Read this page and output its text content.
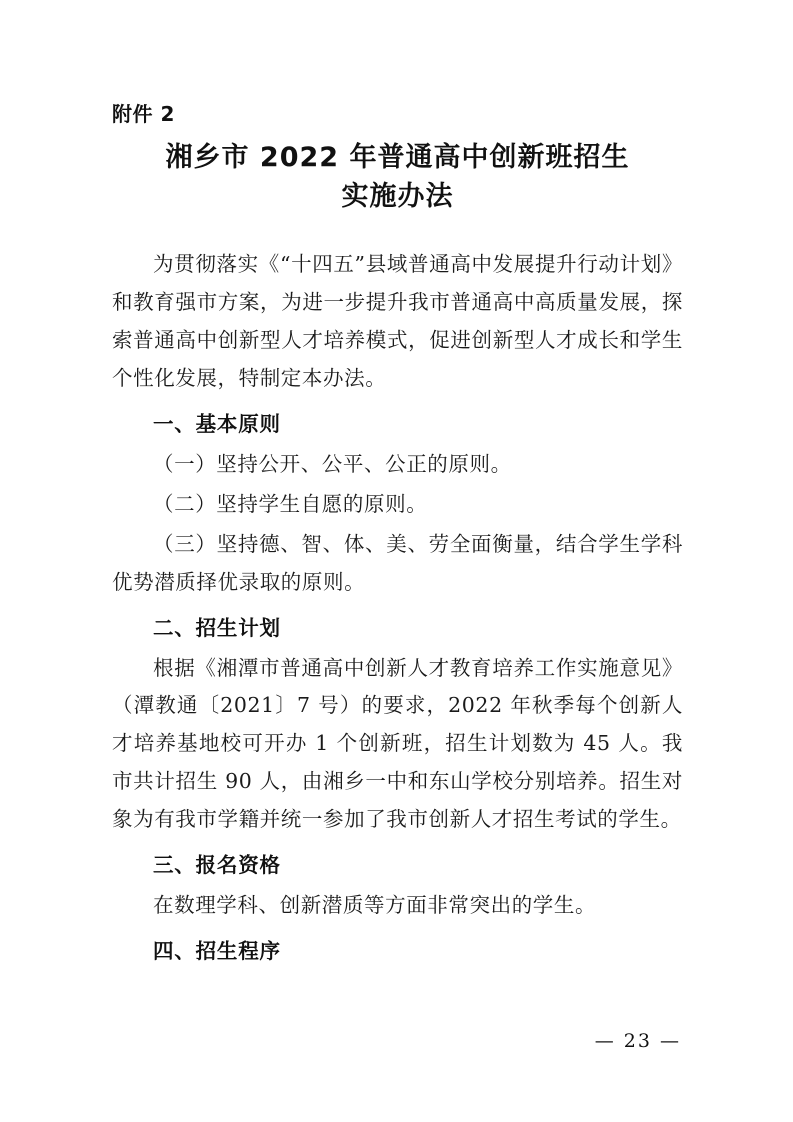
附件 2
湘乡市 2022 年普通高中创新班招生
实施办法

为贯彻落实《“十四五”县域普通高中发展提升行动计划》和教育强市方案，为进一步提升我市普通高中高质量发展，探索普通高中创新型人才培养模式，促进创新型人才成长和学生个性化发展，特制定本办法。

一、基本原则

（一）坚持公开、公平、公正的原则。

（二）坚持学生自愿的原则。

（三）坚持德、智、体、美、劳全面衡量，结合学生学科优势潜质择优录取的原则。

二、招生计划

根据《湘潭市普通高中创新人才教育培养工作实施意见》（潭教通〔2021〕7 号）的要求，2022 年秋季每个创新人才培养基地校可开办 1 个创新班，招生计划数为 45 人。我市共计招生 90 人，由湘乡一中和东山学校分别培养。招生对象为有我市学籍并统一参加了我市创新人才招生考试的学生。

三、报名资格

在数理学科、创新潜质等方面非常突出的学生。

四、招生程序

— 23 —
